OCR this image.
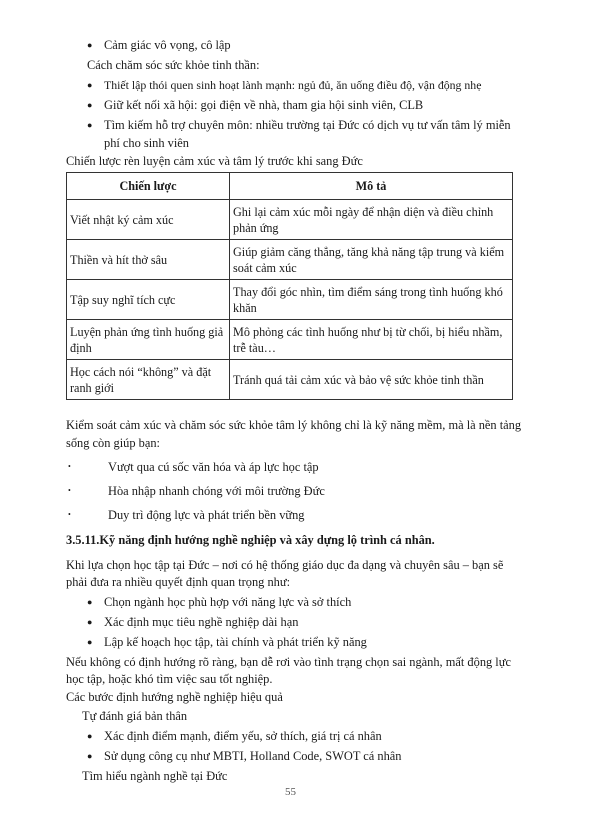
● Cảm giác vô vọng, cô lập
Cách chăm sóc sức khỏe tinh thần:
● Thiết lập thói quen sinh hoạt lành mạnh: ngủ đủ, ăn uống điều độ, vận động nhẹ
● Giữ kết nối xã hội: gọi điện về nhà, tham gia hội sinh viên, CLB
● Tìm kiếm hỗ trợ chuyên môn: nhiều trường tại Đức có dịch vụ tư vấn tâm lý miễn
phí cho sinh viên
Chiến lược rèn luyện cảm xúc và tâm lý trước khi sang Đức
Chiến lược	Mô tả
Viết nhật ký cảm xúc	Ghi lại cảm xúc mỗi ngày để nhận diện và điều chỉnh phản ứng
Thiền và hít thở sâu	Giúp giảm căng thẳng, tăng khả năng tập trung và kiểm soát cảm xúc
Tập suy nghĩ tích cực	Thay đổi góc nhìn, tìm điểm sáng trong tình huống khó khăn
Luyện phản ứng tình huống giả định	Mô phỏng các tình huống như bị từ chối, bị hiểu nhầm, trễ tàu…
Học cách nói “không” và đặt ranh giới	Tránh quá tải cảm xúc và bảo vệ sức khỏe tinh thần
Kiểm soát cảm xúc và chăm sóc sức khỏe tâm lý không chỉ là kỹ năng mềm, mà là nền tảng
sống còn giúp bạn:
•	Vượt qua cú sốc văn hóa và áp lực học tập
•	Hòa nhập nhanh chóng với môi trường Đức
•	Duy trì động lực và phát triển bền vững
3.5.11.Kỹ năng định hướng nghề nghiệp và xây dựng lộ trình cá nhân.
Khi lựa chọn học tập tại Đức – nơi có hệ thống giáo dục đa dạng và chuyên sâu – bạn sẽ
phải đưa ra nhiều quyết định quan trọng như:
● Chọn ngành học phù hợp với năng lực và sở thích
● Xác định mục tiêu nghề nghiệp dài hạn
● Lập kế hoạch học tập, tài chính và phát triển kỹ năng
Nếu không có định hướng rõ ràng, bạn dễ rơi vào tình trạng chọn sai ngành, mất động lực
học tập, hoặc khó tìm việc sau tốt nghiệp.
Các bước định hướng nghề nghiệp hiệu quả
Tự đánh giá bản thân
● Xác định điểm mạnh, điểm yếu, sở thích, giá trị cá nhân
● Sử dụng công cụ như MBTI, Holland Code, SWOT cá nhân
Tìm hiểu ngành nghề tại Đức
55
